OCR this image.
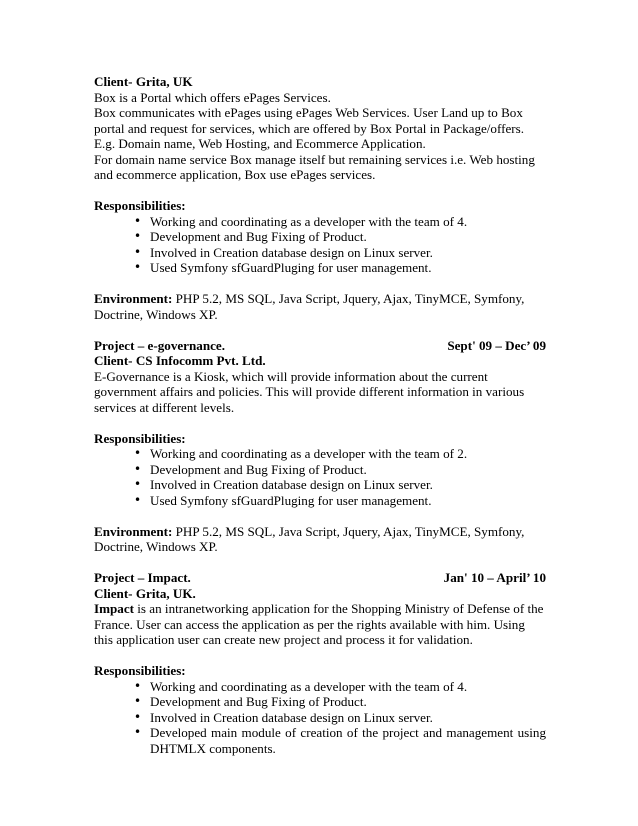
Client- Grita, UK

Box is a Portal which offers ePages Services.

Box communicates with ePages using ePages Web Services. User Land up to Box portal and request for services, which are offered by Box Portal in Package/offers. E.g. Domain name, Web Hosting, and Ecommerce Application.

For domain name service Box manage itself but remaining services i.e. Web hosting and ecommerce application, Box use ePages services.

Responsibilities:

• Working and coordinating as a developer with the team of 4.
• Development and Bug Fixing of Product.
• Involved in Creation database design on Linux server.
• Used Symfony sfGuardPluging for user management.

Environment: PHP 5.2, MS SQL, Java Script, Jquery, Ajax, TinyMCE, Symfony, Doctrine, Windows XP.

Project – e-governance.	Sept' 09 – Dec’ 09

Client- CS Infocomm Pvt. Ltd.

E-Governance is a Kiosk, which will provide information about the current government affairs and policies. This will provide different information in various services at different levels.

Responsibilities:

• Working and coordinating as a developer with the team of 2.
• Development and Bug Fixing of Product.
• Involved in Creation database design on Linux server.
• Used Symfony sfGuardPluging for user management.

Environment: PHP 5.2, MS SQL, Java Script, Jquery, Ajax, TinyMCE, Symfony, Doctrine, Windows XP.

Project – Impact.	Jan' 10 – April’ 10

Client- Grita, UK.

Impact is an intranetworking application for the Shopping Ministry of Defense of the France. User can access the application as per the rights available with him. Using this application user can create new project and process it for validation.

Responsibilities:

• Working and coordinating as a developer with the team of 4.
• Development and Bug Fixing of Product.
• Involved in Creation database design on Linux server.
• Developed main module of creation of the project and management using DHTMLX components.
